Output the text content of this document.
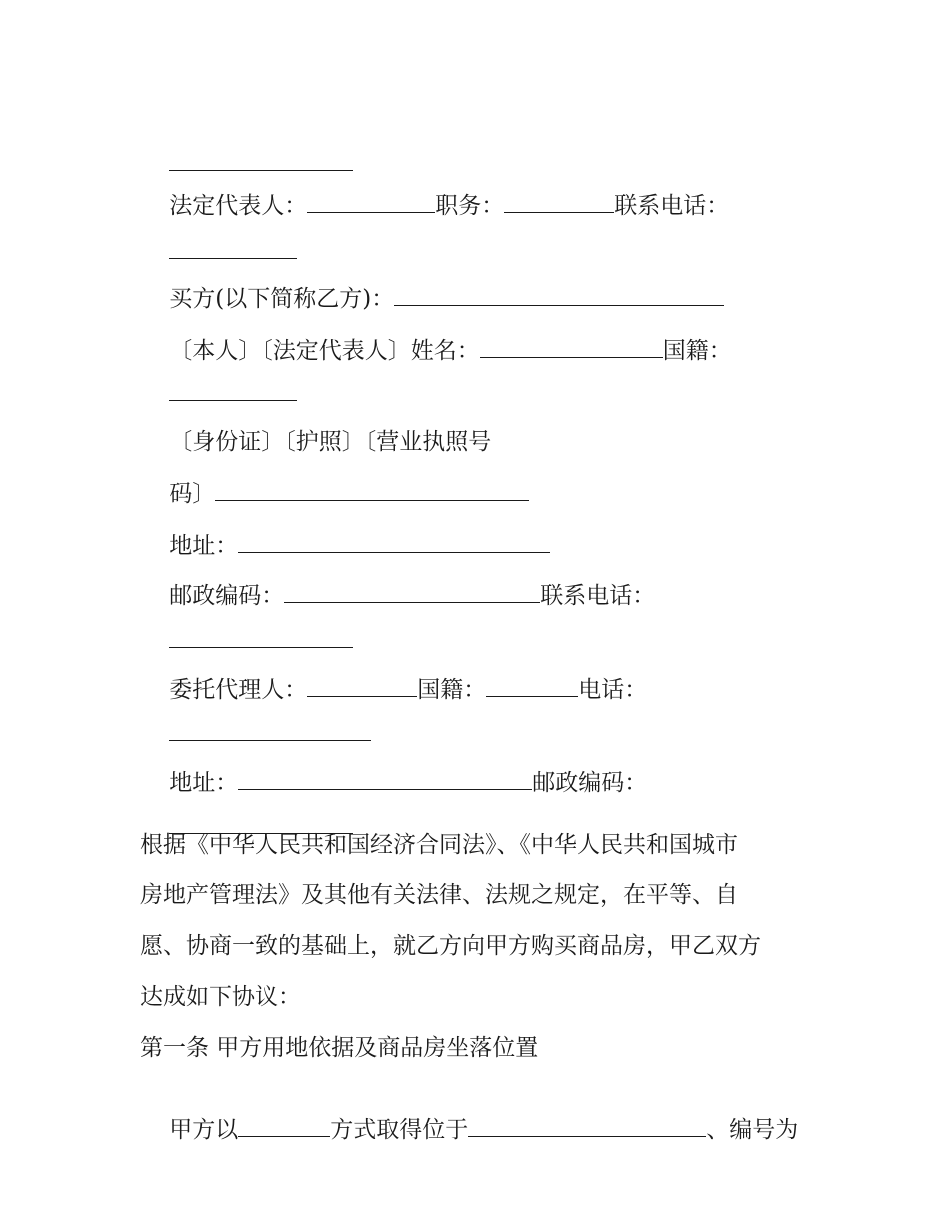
法定代表人：	职务：	联系电话：

买方(以下简称乙方)：

〔本人〕〔法定代表人〕姓名：	国籍：

〔身份证〕〔护照〕〔营业执照号

码〕

地址：

邮政编码：	联系电话：

委托代理人：	国籍：	电话：

地址：	邮政编码：

根据《中华人民共和国经济合同法》、《中华人民共和国城市
房地产管理法》及其他有关法律、法规之规定，在平等、自
愿、协商一致的基础上，就乙方向甲方购买商品房，甲乙双方
达成如下协议：
第一条 甲方用地依据及商品房坐落位置

甲方以	方式取得位于	、编号为
